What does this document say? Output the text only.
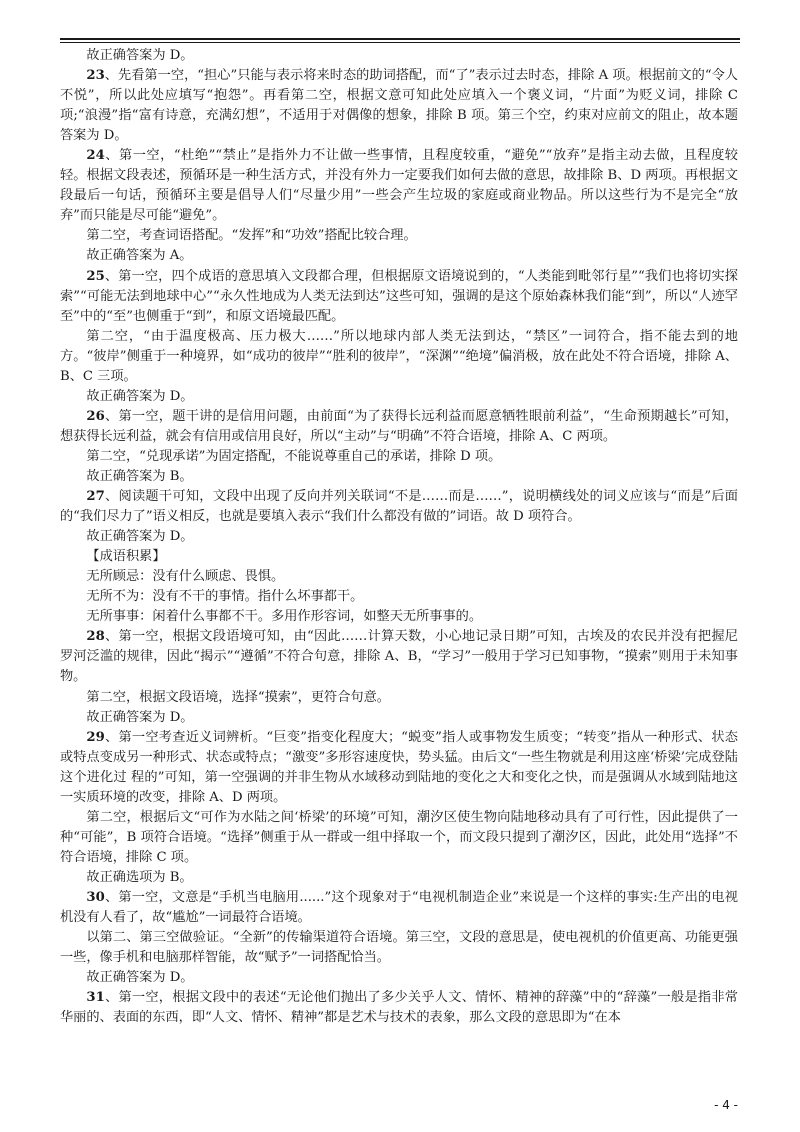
故正确答案为 D。

23、先看第一空，“担心”只能与表示将来时态的助词搭配，而“了”表示过去时态，排除 A 项。根据前文的“令人不悦”，所以此处应填写“抱怨”。再看第二空，根据文意可知此处应填入一个褒义词，“片面”为贬义词，排除 C 项;“浪漫”指“富有诗意，充满幻想”，不适用于对偶像的想象，排除 B 项。第三个空，约束对应前文的阻止，故本题答案为 D。

24、第一空，“杜绝”“禁止”是指外力不让做一些事情，且程度较重，“避免”“放弃”是指主动去做，且程度较轻。根据文段表述，预循环是一种生活方式，并没有外力一定要我们如何去做的意思，故排除 B、D 两项。再根据文段最后一句话，预循环主要是倡导人们“尽量少用”一些会产生垃圾的家庭或商业物品。所以这些行为不是完全“放弃”而只能是尽可能“避免”。

第二空，考查词语搭配。“发挥”和“功效”搭配比较合理。

故正确答案为 A。

25、第一空，四个成语的意思填入文段都合理，但根据原文语境说到的，“人类能到毗邻行星”“我们也将切实探索”“可能无法到地球中心”“永久性地成为人类无法到达”这些可知，强调的是这个原始森林我们能“到”，所以“人迹罕至”中的“至”也侧重于“到”，和原文语境最匹配。

第二空，“由于温度极高、压力极大……”所以地球内部人类无法到达，“禁区”一词符合，指不能去到的地方。“彼岸”侧重于一种境界，如“成功的彼岸”“胜利的彼岸”，“深渊”“绝境”偏消极，放在此处不符合语境，排除 A、B、C 三项。

故正确答案为 D。

26、第一空，题干讲的是信用问题，由前面“为了获得长远利益而愿意牺牲眼前利益”，“生命预期越长”可知，想获得长远利益，就会有信用或信用良好，所以“主动”与“明确”不符合语境，排除 A、C 两项。

第二空，“兑现承诺”为固定搭配，不能说尊重自己的承诺，排除 D 项。

故正确答案为 B。

27、阅读题干可知，文段中出现了反向并列关联词“不是……而是……”，说明横线处的词义应该与“而是”后面的“我们尽力了”语义相反，也就是要填入表示“我们什么都没有做的”词语。故 D 项符合。

故正确答案为 D。

【成语积累】

无所顾忌：没有什么顾虑、畏惧。

无所不为：没有不干的事情。指什么坏事都干。

无所事事：闲着什么事都不干。多用作形容词，如整天无所事事的。

28、第一空，根据文段语境可知，由“因此……计算天数，小心地记录日期”可知，古埃及的农民并没有把握尼罗河泛滥的规律，因此“揭示”“遵循”不符合句意，排除 A、B，“学习”一般用于学习已知事物，“摸索”则用于未知事物。

第二空，根据文段语境，选择“摸索”，更符合句意。

故正确答案为 D。

29、第一空考查近义词辨析。“巨变”指变化程度大；“蜕变”指人或事物发生质变；“转变”指从一种形式、状态或特点变成另一种形式、状态或特点；“激变”多形容速度快，势头猛。由后文“一些生物就是利用这座‘桥梁’完成登陆这个进化过 程的”可知，第一空强调的并非生物从水域移动到陆地的变化之大和变化之快，而是强调从水域到陆地这一实质环境的改变，排除 A、D 两项。

第二空，根据后文“可作为水陆之间‘桥梁’的环境”可知，潮汐区使生物向陆地移动具有了可行性，因此提供了一种“可能”，B 项符合语境。“选择”侧重于从一群或一组中择取一个，而文段只提到了潮汐区，因此，此处用“选择”不符合语境，排除 C 项。

故正确选项为 B。

30、第一空，文意是“手机当电脑用......”这个现象对于“电视机制造企业”来说是一个这样的事实:生产出的电视机没有人看了，故“尴尬”一词最符合语境。

以第二、第三空做验证。“全新”的传输渠道符合语境。第三空，文段的意思是，使电视机的价值更高、功能更强一些，像手机和电脑那样智能，故“赋予”一词搭配恰当。

故正确答案为 D。

31、第一空，根据文段中的表述“无论他们抛出了多少关乎人文、情怀、精神的辞藻”中的“辞藻”一般是指非常华丽的、表面的东西，即“人文、情怀、精神”都是艺术与技术的表象，那么文段的意思即为“在本

- 4 -
